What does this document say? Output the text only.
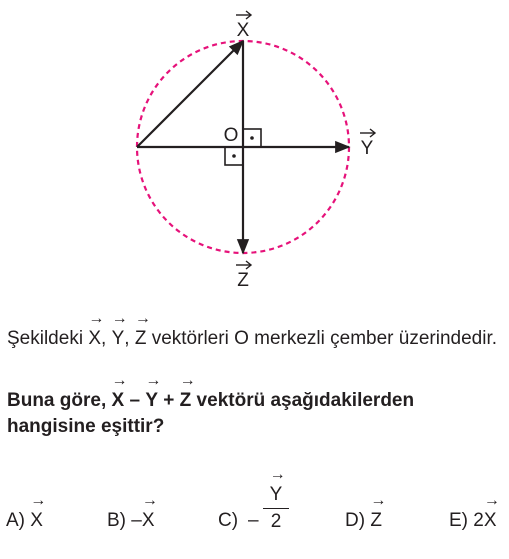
O
X
Y
Z
Şekildeki → X, → Y, → Z vektörleri O merkezli çember üzerindedir.
Buna göre, → X – → Y + → Z vektörü aşağıdakilerden hangisine eşittir?
A) → X	B) –→ X	C) –
→ Y
2	D) → Z	E) 2→ X
